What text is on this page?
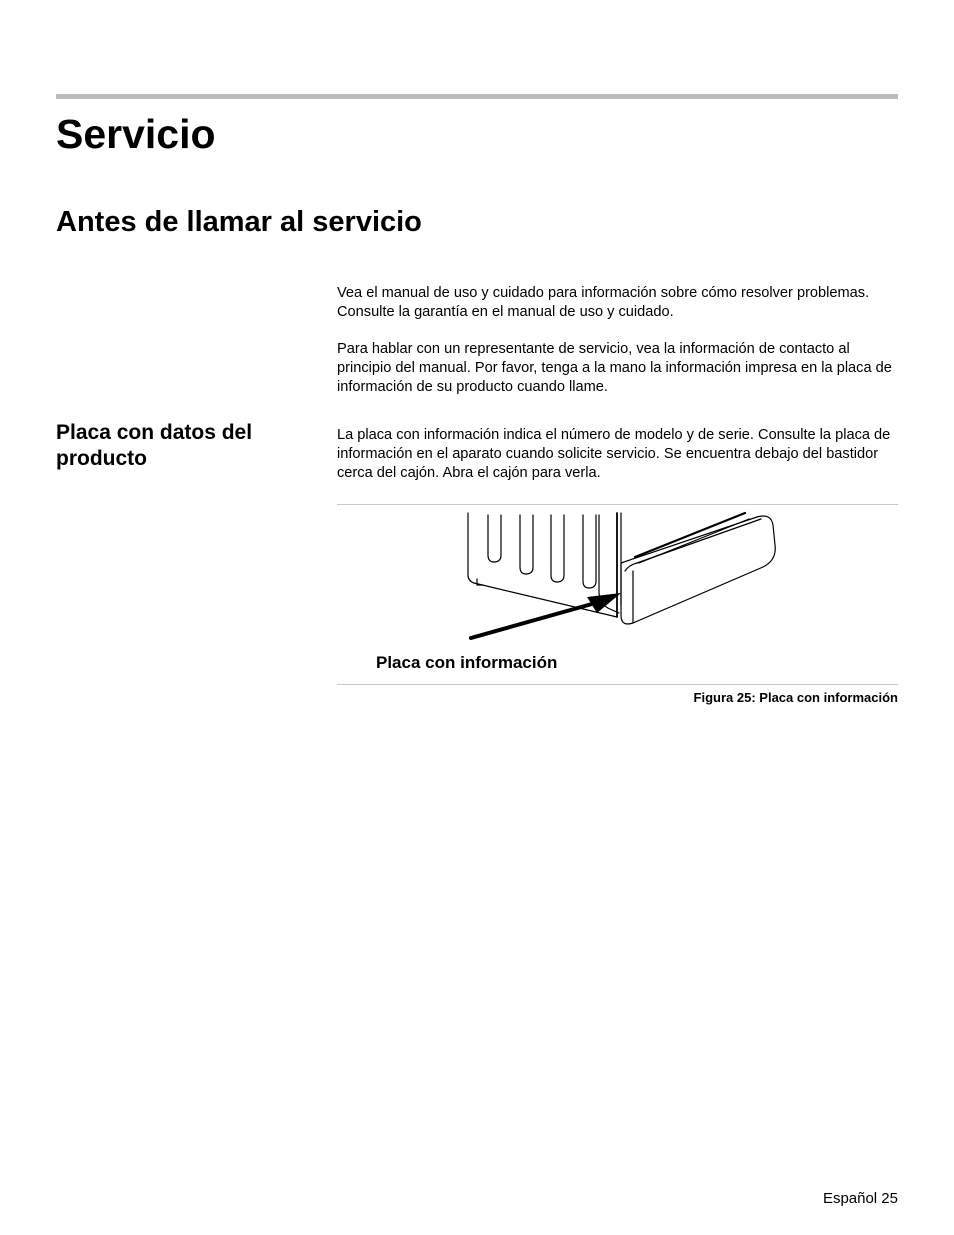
Servicio
Antes de llamar al servicio

Vea el manual de uso y cuidado para información sobre cómo resolver problemas. Consulte la garantía en el manual de uso y cuidado.

Para hablar con un representante de servicio, vea la información de contacto al principio del manual. Por favor, tenga a la mano la información impresa en la placa de información de su producto cuando llame.

Placa con datos del producto

La placa con información indica el número de modelo y de serie. Consulte la placa de información en el aparato cuando solicite servicio. Se encuentra debajo del bastidor cerca del cajón. Abra el cajón para verla.

Placa con información
Figura 25: Placa con información
Español 25
